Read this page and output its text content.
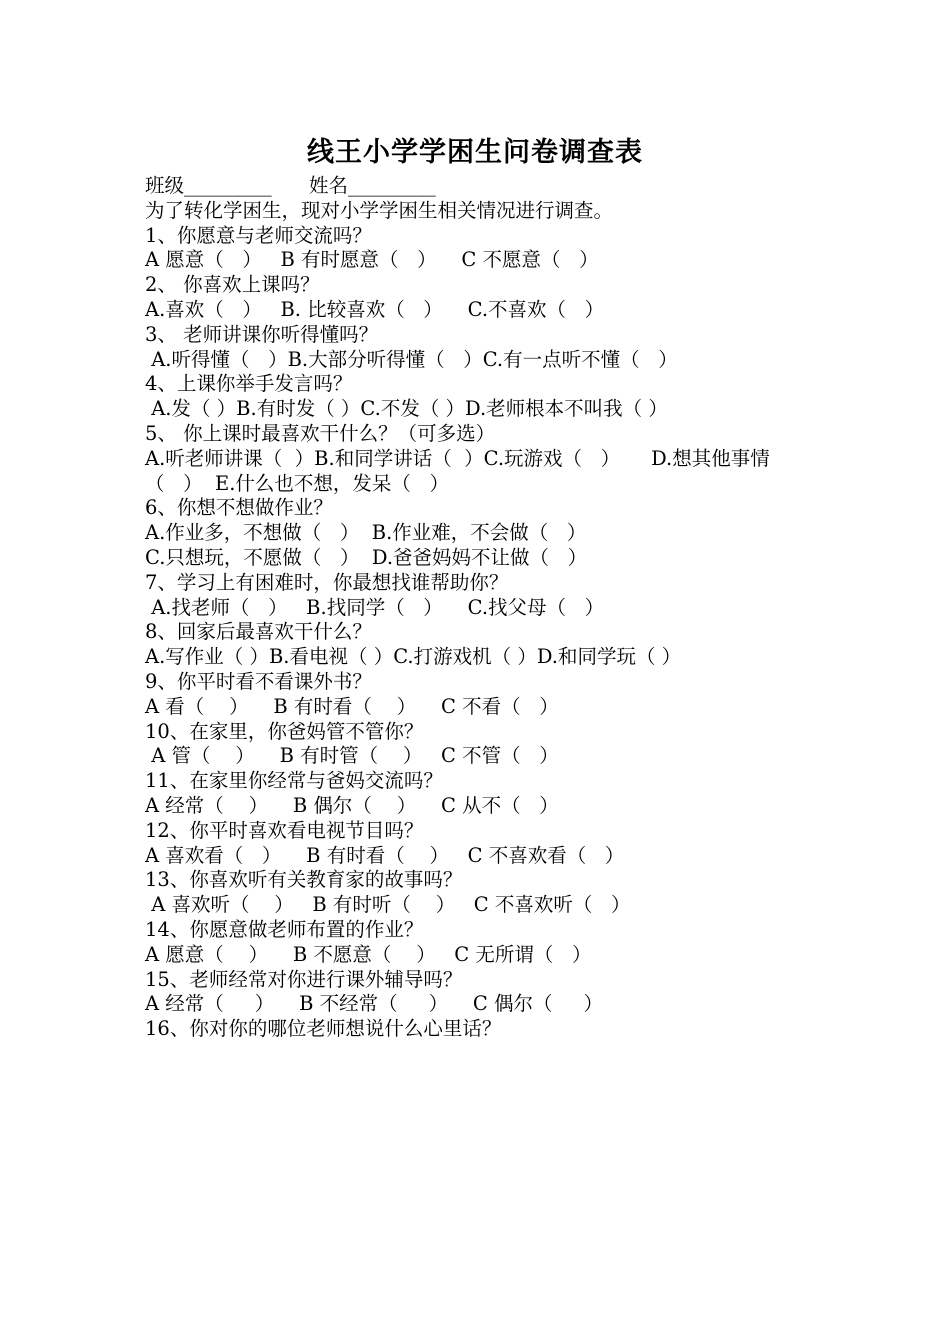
线王小学学困生问卷调查表
班级_________      姓名_________
为了转化学困生，现对小学学困生相关情况进行调查。
1、你愿意与老师交流吗？
A 愿意（   ）   B 有时愿意（   ）    C 不愿意（   ）
2、 你喜欢上课吗？
A.喜欢（   ）   B. 比较喜欢（   ）    C.不喜欢（   ）
3、 老师讲课你听得懂吗？
A.听得懂（   ）B.大部分听得懂（   ）C.有一点听不懂（   ）
4、上课你举手发言吗？
A.发（ ）B.有时发（ ）C.不发（ ）D.老师根本不叫我（ ）
5、 你上课时最喜欢干什么？（可多选）
A.听老师讲课（  ）B.和同学讲话（  ）C.玩游戏（   ）     D.想其他事情
（   ）  E.什么也不想，发呆（   ）
6、你想不想做作业？
A.作业多，不想做（   ）  B.作业难，不会做（   ）
C.只想玩，不愿做（   ）  D.爸爸妈妈不让做（   ）
7、学习上有困难时，你最想找谁帮助你？
A.找老师（   ）   B.找同学（   ）    C.找父母（   ）
8、回家后最喜欢干什么？
A.写作业（ ）B.看电视（ ）C.打游戏机（ ）D.和同学玩（ ）
9、你平时看不看课外书？
A 看（    ）    B 有时看（    ）    C 不看（   ）
10、在家里，你爸妈管不管你？
A 管（    ）    B 有时管（    ）   C 不管（   ）
11、在家里你经常与爸妈交流吗？
A 经常（    ）    B 偶尔（    ）    C 从不（   ）
12、你平时喜欢看电视节目吗？
A 喜欢看（   ）    B 有时看（    ）   C 不喜欢看（   ）
13、你喜欢听有关教育家的故事吗？
A 喜欢听（    ）   B 有时听（    ）   C 不喜欢听（   ）
14、你愿意做老师布置的作业？
A 愿意（    ）    B 不愿意（    ）   C 无所谓（   ）
15、老师经常对你进行课外辅导吗？
A 经常（     ）    B 不经常（     ）    C 偶尔（     ）
16、你对你的哪位老师想说什么心里话？
